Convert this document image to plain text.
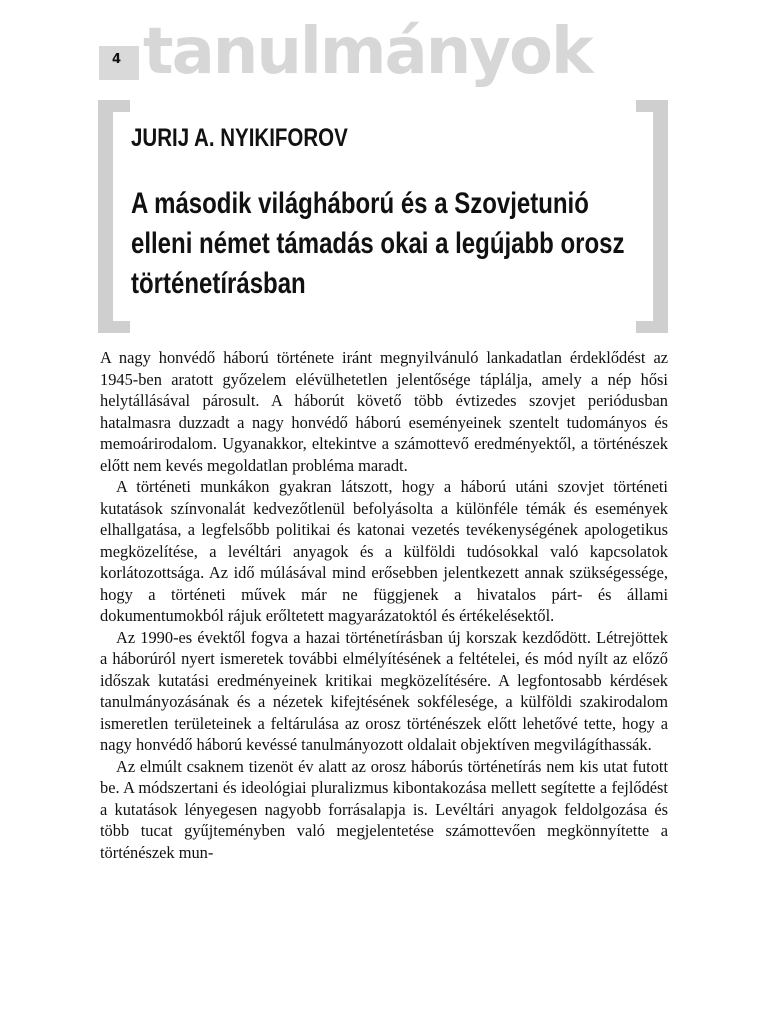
4 tanulmányok
JURIJ A. NYIKIFOROV
A második világháború és a Szovjetunió
elleni német támadás okai a legújabb orosz
történetírásban

A nagy honvédő háború története iránt megnyilvánuló lankadatlan érdeklődést az 1945-ben aratott győzelem elévülhetetlen jelentősége táplálja, amely a nép hősi helytállásával párosult. A háborút követő több évtizedes szovjet periódusban hatalmasra duzzadt a nagy honvédő háború eseményeinek szentelt tudományos és memoárirodalom. Ugyanakkor, eltekintve a számottevő eredményektől, a történészek előtt nem kevés megoldatlan probléma maradt.

A történeti munkákon gyakran látszott, hogy a háború utáni szovjet történeti kutatások színvonalát kedvezőtlenül befolyásolta a különféle témák és események elhallgatása, a legfelsőbb politikai és katonai vezetés tevékenységének apologetikus megközelítése, a levéltári anyagok és a külföldi tudósokkal való kapcsolatok korlátozottsága. Az idő múlásával mind erősebben jelentkezett annak szükségessége, hogy a történeti művek már ne függjenek a hivatalos párt- és állami dokumentumokból rájuk erőltetett magyarázatoktól és értékelésektől.

Az 1990-es évektől fogva a hazai történetírásban új korszak kezdődött. Létrejöttek a háborúról nyert ismeretek további elmélyítésének a feltételei, és mód nyílt az előző időszak kutatási eredményeinek kritikai megközelítésére. A legfontosabb kérdések tanulmányozásának és a nézetek kifejtésének sokfélesége, a külföldi szakirodalom ismeretlen területeinek a feltárulása az orosz történészek előtt lehetővé tette, hogy a nagy honvédő háború kevéssé tanulmányozott oldalait objektíven megvilágíthassák.

Az elmúlt csaknem tizenöt év alatt az orosz háborús történetírás nem kis utat futott be. A módszertani és ideológiai pluralizmus kibontakozása mellett segítette a fejlődést a kutatások lényegesen nagyobb forrásalapja is. Levéltári anyagok feldolgozása és több tucat gyűjteményben való megjelentetése számottevően megkönnyítette a történészek mun-
